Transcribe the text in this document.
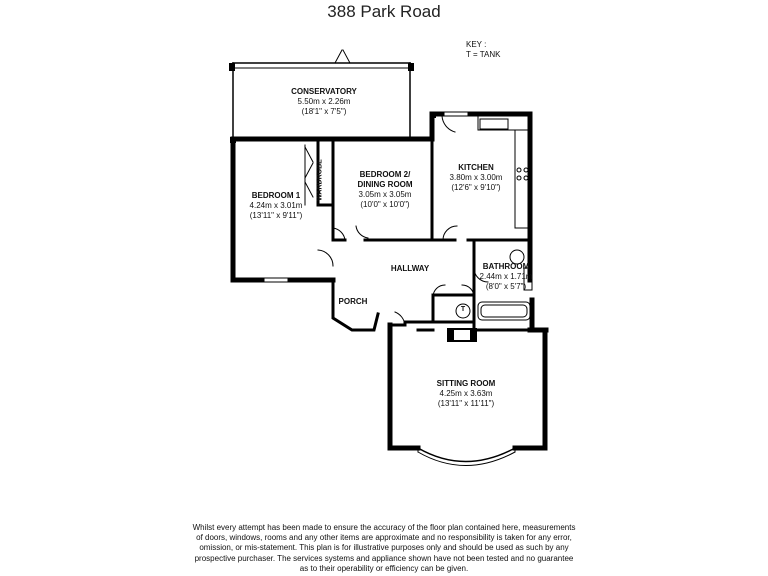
388 Park Road
KEY :
T = TANK
CONSERVATORY
5.50m x 2.26m
(18'1" x 7'5")
BEDROOM 1
4.24m x 3.01m
(13'11" x 9'11")
WARDROBE	BEDROOM 2/
DINING ROOM
3.05m x 3.05m
(10'0" x 10'0")
KITCHEN
3.80m x 3.00m
(12'6" x 9'10")
BATHROOM
2.44m x 1.71m
(8'0" x 5'7")
HALLWAY
PORCH
T
SITTING ROOM
4.25m x 3.63m
(13'11" x 11'11")
Whilst every attempt has been made to ensure the accuracy of the floor plan contained here, measurements
of doors, windows, rooms and any other items are approximate and no responsibility is taken for any error,
omission, or mis-statement. This plan is for illustrative purposes only and should be used as such by any
prospective purchaser. The services systems and appliance shown have not been tested and no guarantee
as to their operability or efficiency can be given.
